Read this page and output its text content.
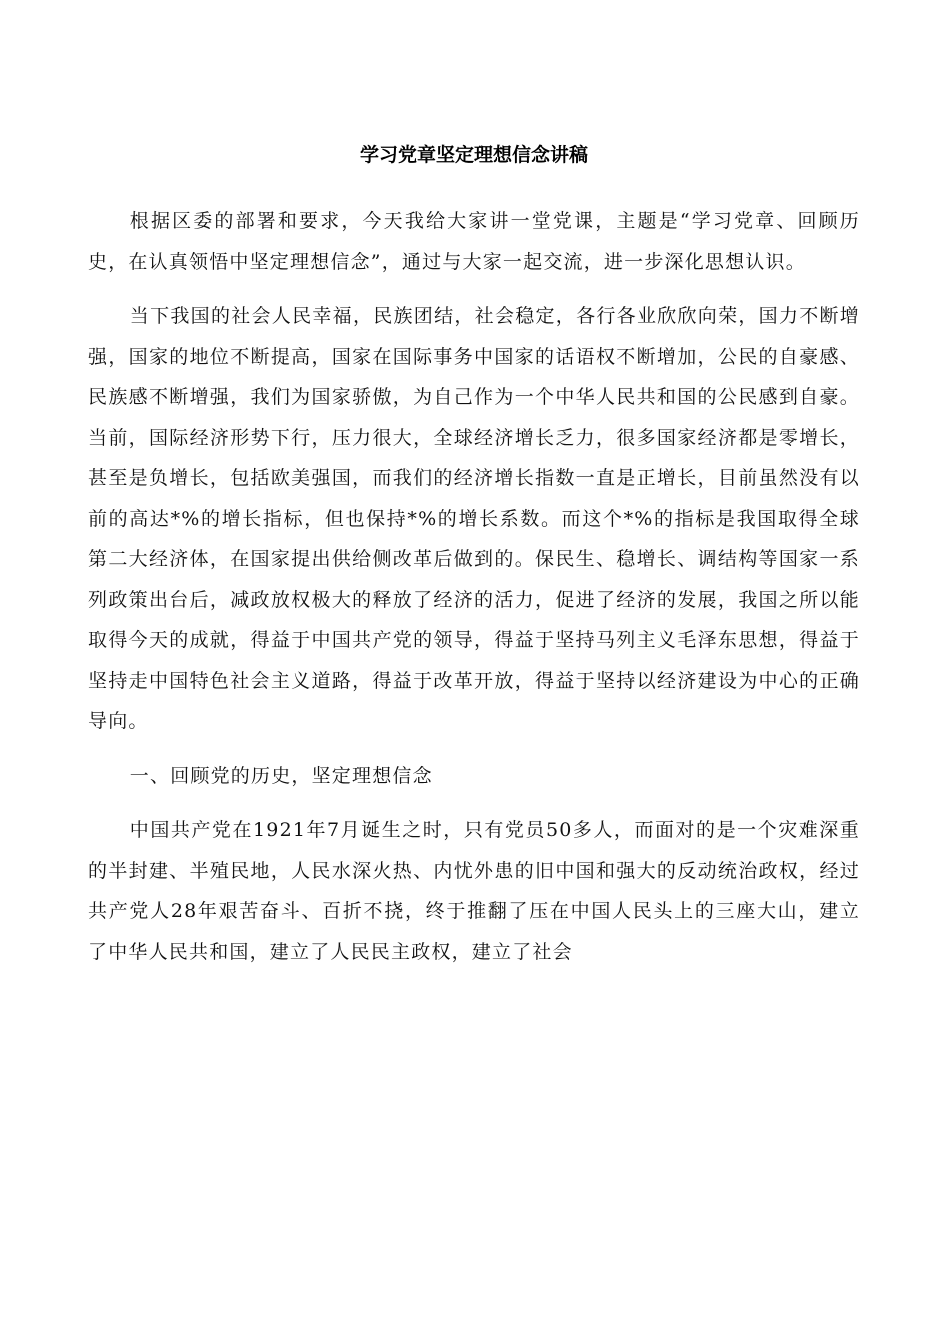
学习党章坚定理想信念讲稿

根据区委的部署和要求，今天我给大家讲一堂党课，主题是“学习党章、回顾历史，在认真领悟中坚定理想信念”，通过与大家一起交流，进一步深化思想认识。

当下我国的社会人民幸福，民族团结，社会稳定，各行各业欣欣向荣，国力不断增强，国家的地位不断提高，国家在国际事务中国家的话语权不断增加，公民的自豪感、民族感不断增强，我们为国家骄傲，为自己作为一个中华人民共和国的公民感到自豪。当前，国际经济形势下行，压力很大，全球经济增长乏力，很多国家经济都是零增长，甚至是负增长，包括欧美强国，而我们的经济增长指数一直是正增长，目前虽然没有以前的高达*%的增长指标，但也保持*%的增长系数。而这个*%的指标是我国取得全球第二大经济体，在国家提出供给侧改革后做到的。保民生、稳增长、调结构等国家一系列政策出台后，减政放权极大的释放了经济的活力，促进了经济的发展，我国之所以能取得今天的成就，得益于中国共产党的领导，得益于坚持马列主义毛泽东思想，得益于坚持走中国特色社会主义道路，得益于改革开放，得益于坚持以经济建设为中心的正确导向。

一、回顾党的历史，坚定理想信念

中国共产党在1921年7月诞生之时，只有党员50多人，而面对的是一个灾难深重的半封建、半殖民地，人民水深火热、内忧外患的旧中国和强大的反动统治政权，经过共产党人28年艰苦奋斗、百折不挠，终于推翻了压在中国人民头上的三座大山，建立了中华人民共和国，建立了人民民主政权，建立了社会
